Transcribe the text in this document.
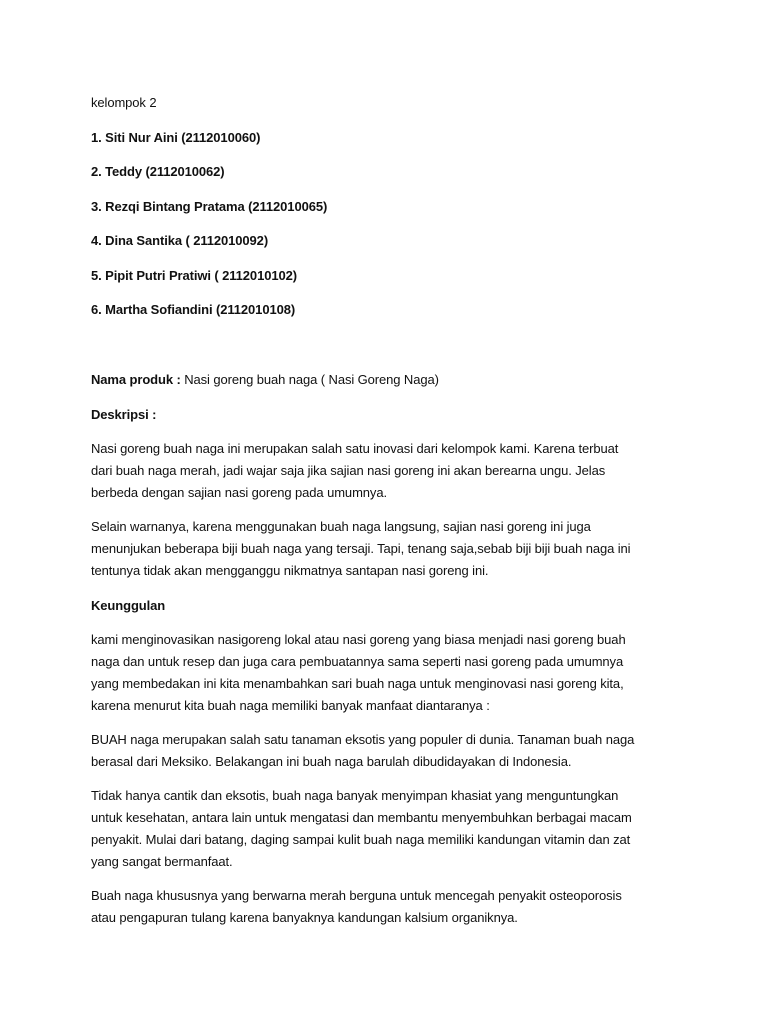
kelompok 2
1. Siti Nur Aini (2112010060)
2. Teddy (2112010062)
3. Rezqi Bintang Pratama (2112010065)
4. Dina Santika ( 2112010092)
5. Pipit Putri Pratiwi ( 2112010102)
6. Martha Sofiandini (2112010108)
Nama produk : Nasi goreng buah naga ( Nasi Goreng Naga)
Deskripsi :
Nasi goreng buah naga ini merupakan salah satu inovasi dari kelompok kami. Karena terbuat
dari buah naga merah, jadi wajar saja jika sajian nasi goreng ini akan berearna ungu. Jelas
berbeda dengan sajian nasi goreng pada umumnya.
Selain warnanya, karena menggunakan buah naga langsung, sajian nasi goreng ini juga
menunjukan beberapa biji buah naga yang tersaji. Tapi, tenang saja,sebab biji biji buah naga ini
tentunya tidak akan mengganggu nikmatnya santapan nasi goreng ini.
Keunggulan
kami menginovasikan nasigoreng lokal atau nasi goreng yang biasa menjadi nasi goreng buah
naga dan untuk resep dan juga cara pembuatannya sama seperti nasi goreng pada umumnya
yang membedakan ini kita menambahkan sari buah naga untuk menginovasi nasi goreng kita,
karena menurut kita buah naga memiliki banyak manfaat diantaranya :
BUAH naga merupakan salah satu tanaman eksotis yang populer di dunia. Tanaman buah naga
berasal dari Meksiko. Belakangan ini buah naga barulah dibudidayakan di Indonesia.
Tidak hanya cantik dan eksotis, buah naga banyak menyimpan khasiat yang menguntungkan
untuk kesehatan, antara lain untuk mengatasi dan membantu menyembuhkan berbagai macam
penyakit. Mulai dari batang, daging sampai kulit buah naga memiliki kandungan vitamin dan zat
yang sangat bermanfaat.
Buah naga khususnya yang berwarna merah berguna untuk mencegah penyakit osteoporosis
atau pengapuran tulang karena banyaknya kandungan kalsium organiknya.
